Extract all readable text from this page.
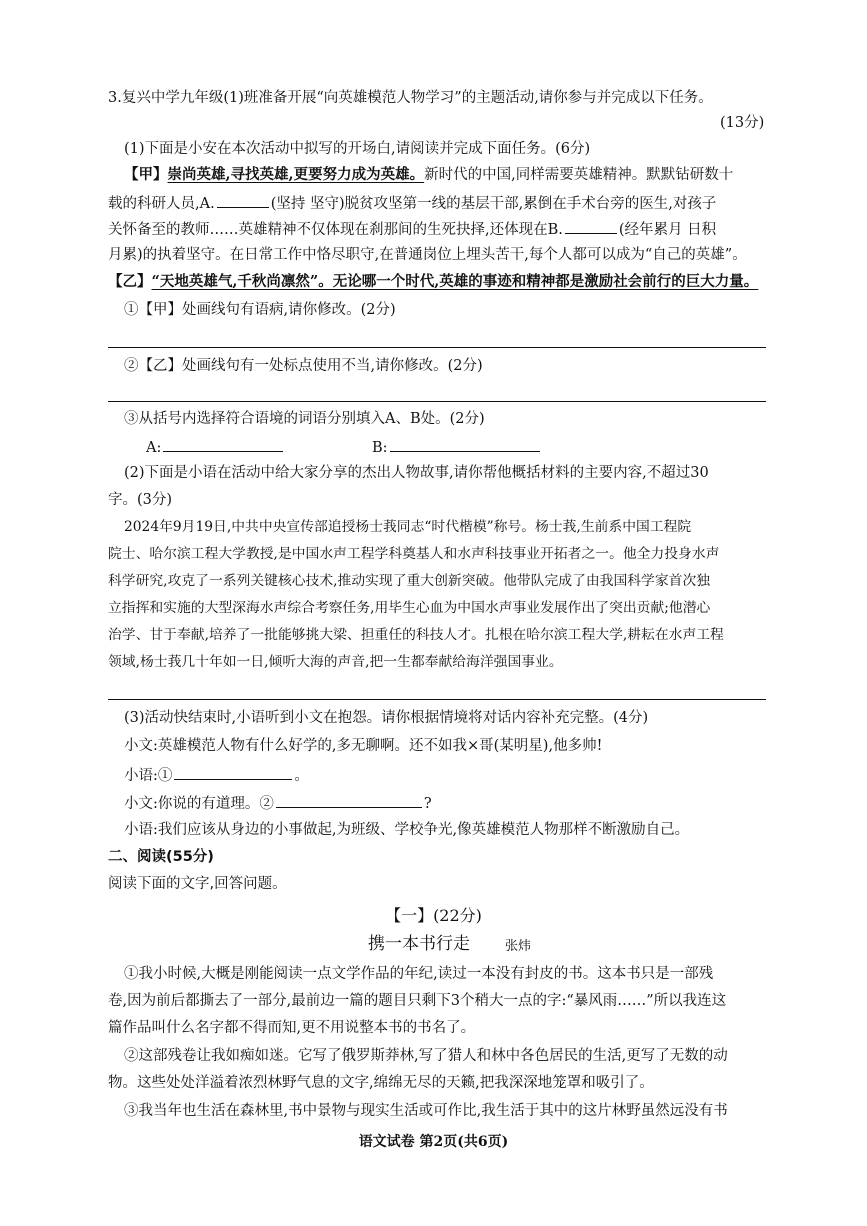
3.复兴中学九年级(1)班准备开展“向英雄模范人物学习”的主题活动,请你参与并完成以下任务。
(13分)
(1)下面是小安在本次活动中拟写的开场白,请阅读并完成下面任务。(6分)
【甲】崇尚英雄,寻找英雄,更要努力成为英雄。新时代的中国,同样需要英雄精神。默默钻研数十
载的科研人员,A.	(坚持 坚守)脱贫攻坚第一线的基层干部,累倒在手术台旁的医生,对孩子
关怀备至的教师……英雄精神不仅体现在刹那间的生死抉择,还体现在B.	(经年累月 日积
月累)的执着坚守。在日常工作中恪尽职守,在普通岗位上埋头苦干,每个人都可以成为“自己的英雄”。
【乙】“天地英雄气,千秋尚凛然”。无论哪一个时代,英雄的事迹和精神都是激励社会前行的巨大力量。
①【甲】处画线句有语病,请你修改。(2分)
②【乙】处画线句有一处标点使用不当,请你修改。(2分)
③从括号内选择符合语境的词语分别填入A、B处。(2分)
A:	B:
(2)下面是小语在活动中给大家分享的杰出人物故事,请你帮他概括材料的主要内容,不超过30
字。(3分)
2024年9月19日,中共中央宣传部追授杨士莪同志“时代楷模”称号。杨士莪,生前系中国工程院
院士、哈尔滨工程大学教授,是中国水声工程学科奠基人和水声科技事业开拓者之一。他全力投身水声
科学研究,攻克了一系列关键核心技术,推动实现了重大创新突破。他带队完成了由我国科学家首次独
立指挥和实施的大型深海水声综合考察任务,用毕生心血为中国水声事业发展作出了突出贡献;他潜心
治学、甘于奉献,培养了一批能够挑大梁、担重任的科技人才。扎根在哈尔滨工程大学,耕耘在水声工程
领域,杨士莪几十年如一日,倾听大海的声音,把一生都奉献给海洋强国事业。
(3)活动快结束时,小语听到小文在抱怨。请你根据情境将对话内容补充完整。(4分)
小文:英雄模范人物有什么好学的,多无聊啊。还不如我×哥(某明星),他多帅!
小语:①	。
小文:你说的有道理。②	?
小语:我们应该从身边的小事做起,为班级、学校争光,像英雄模范人物那样不断激励自己。
二、阅读(55分)
阅读下面的文字,回答问题。
【一】(22分)
携一本书行走	张炜
①我小时候,大概是刚能阅读一点文学作品的年纪,读过一本没有封皮的书。这本书只是一部残
卷,因为前后都撕去了一部分,最前边一篇的题目只剩下3个稍大一点的字:“暴风雨……”所以我连这
篇作品叫什么名字都不得而知,更不用说整本书的书名了。
②这部残卷让我如痴如迷。它写了俄罗斯莽林,写了猎人和林中各色居民的生活,更写了无数的动
物。这些处处洋溢着浓烈林野气息的文字,绵绵无尽的天籁,把我深深地笼罩和吸引了。
③我当年也生活在森林里,书中景物与现实生活或可作比,我生活于其中的这片林野虽然远没有书
语文试卷 第2页(共6页)
